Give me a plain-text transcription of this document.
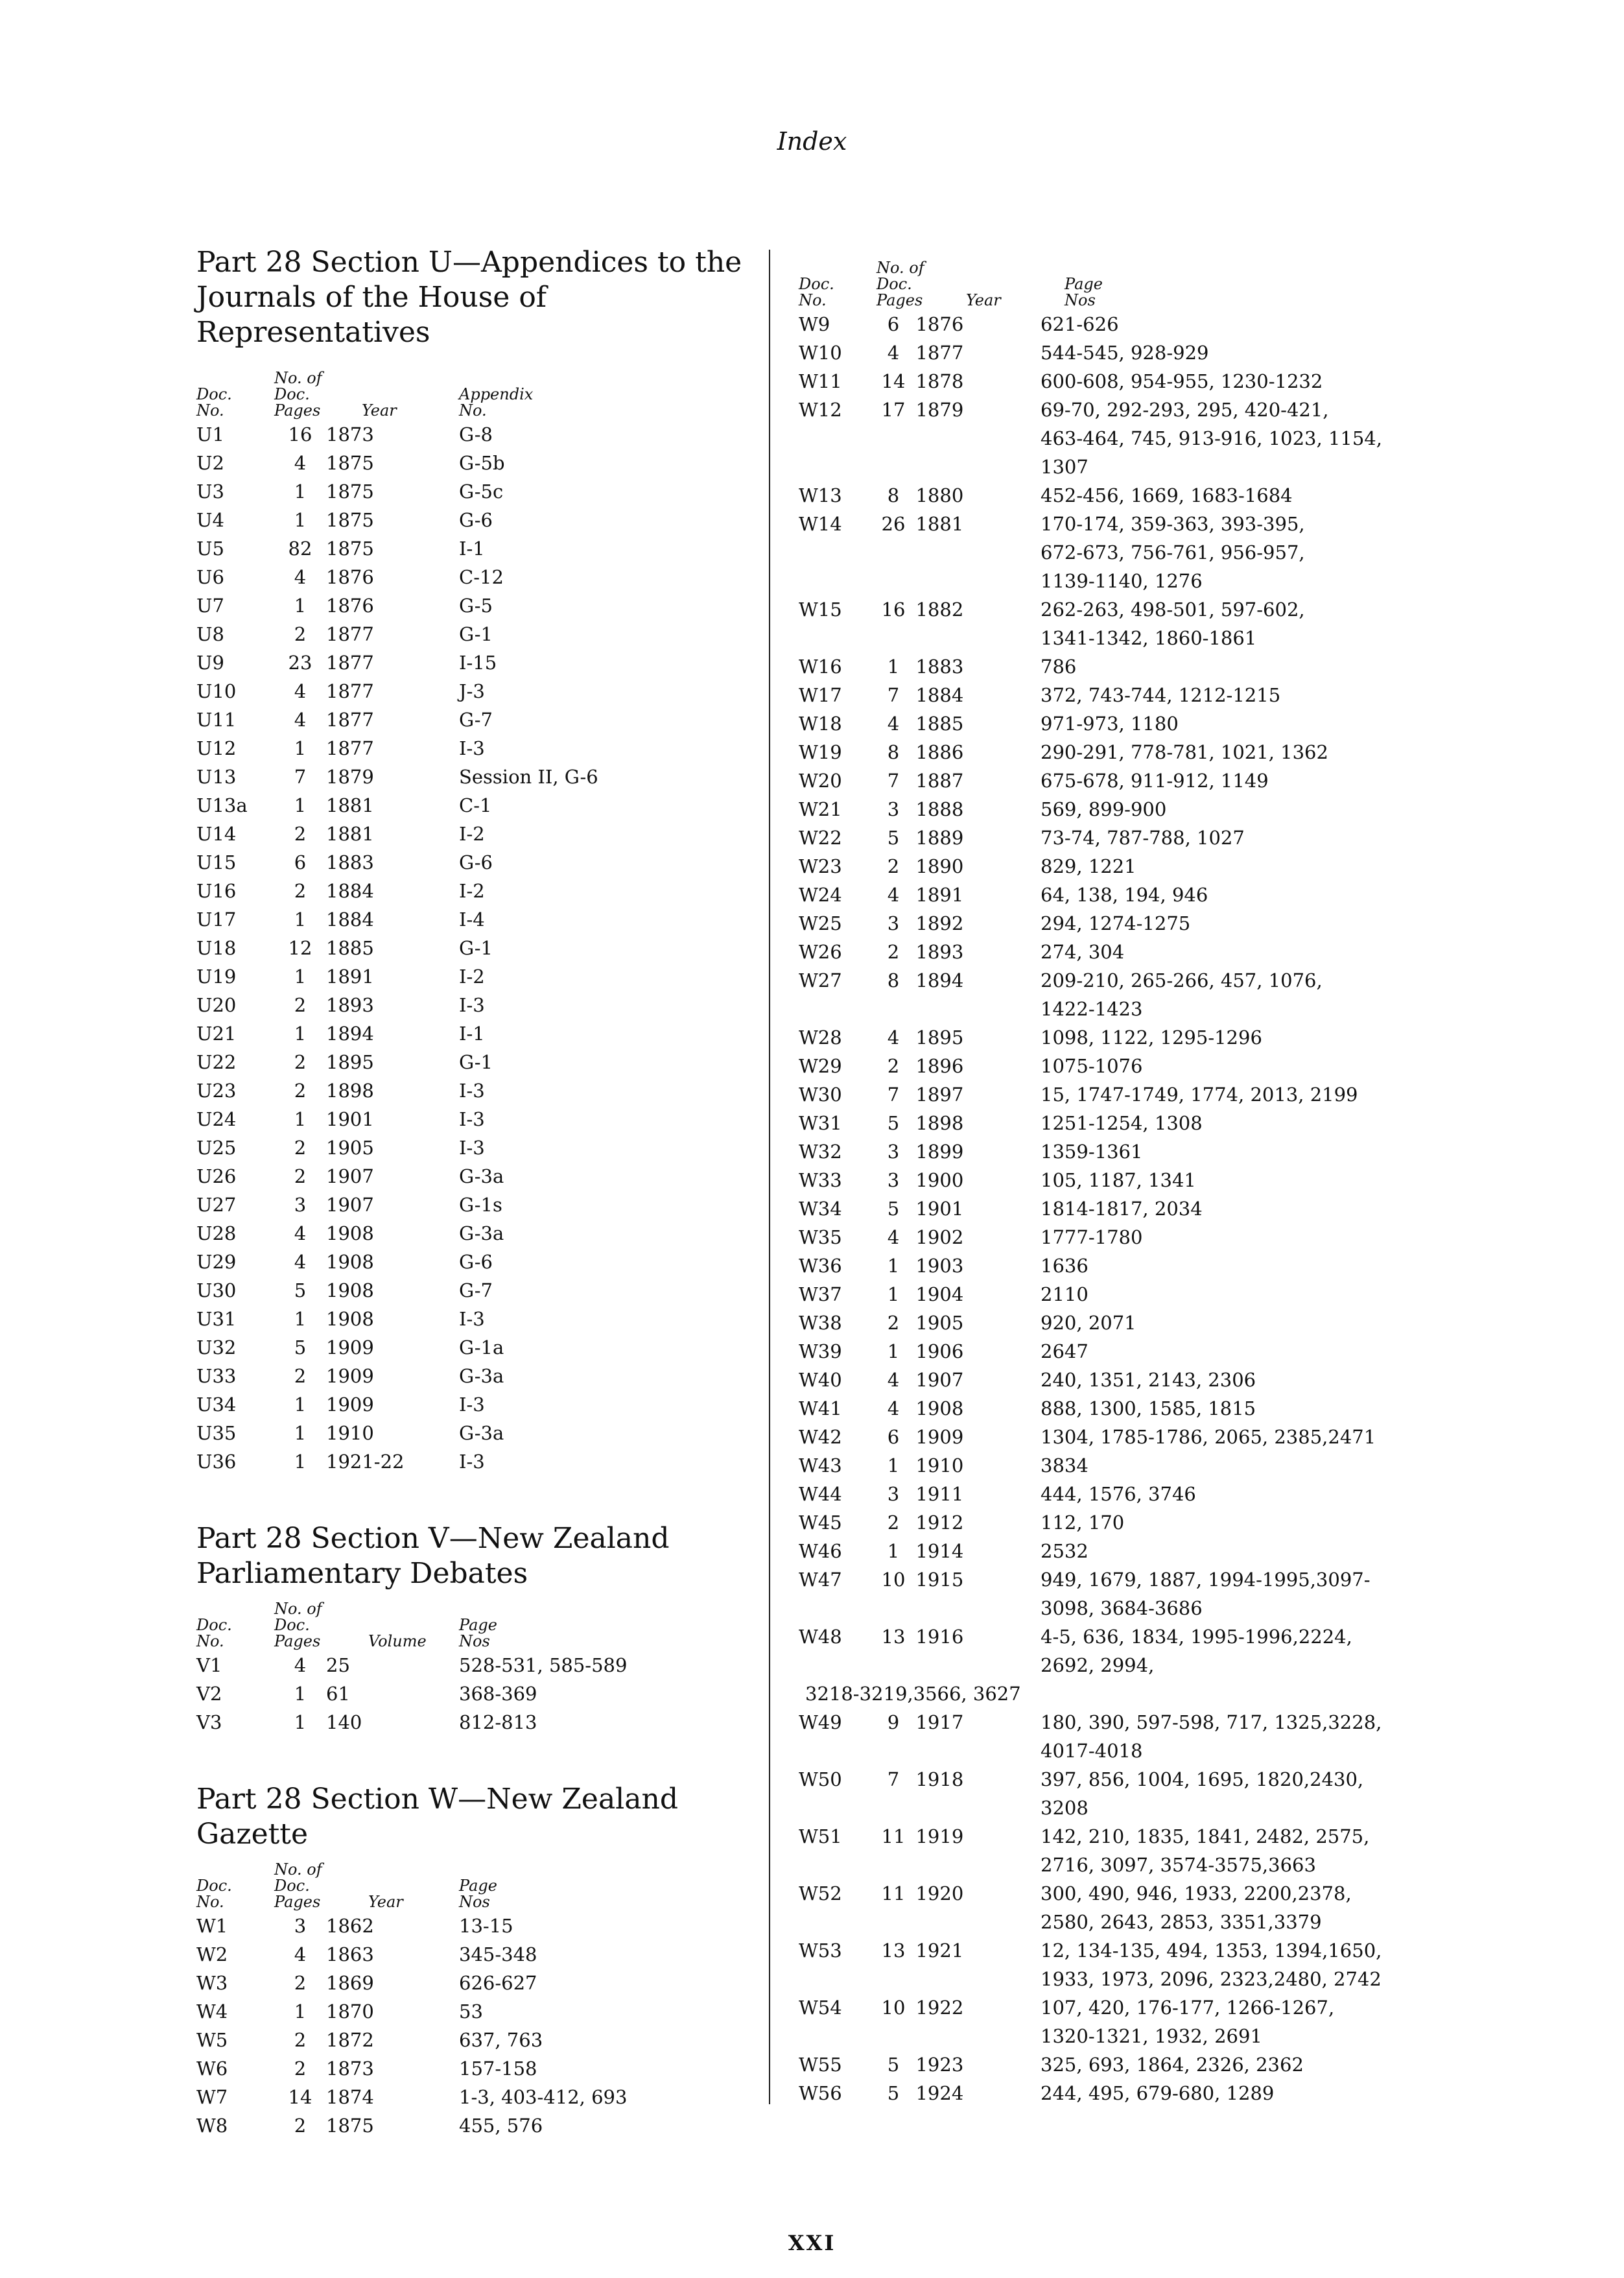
Index
Part 28 Section U—Appendices to the
Journals of the House of Representatives
Doc.
No.
No. of
Doc.
Pages	Year
Appendix
No.
U1	16	1873	G-8
U2	4	1875	G-5b
U3	1	1875	G-5c
U4	1	1875	G-6
U5	82	1875	I-1
U6	4	1876	C-12
U7	1	1876	G-5
U8	2	1877	G-1
U9	23	1877	I-15
U10	4	1877	J-3
U11	4	1877	G-7
U12	1	1877	I-3
U13	7	1879	Session II, G-6
U13a	1	1881	C-1
U14	2	1881	I-2
U15	6	1883	G-6
U16	2	1884	I-2
U17	1	1884	I-4
U18	12	1885	G-1
U19	1	1891	I-2
U20	2	1893	I-3
U21	1	1894	I-1
U22	2	1895	G-1
U23	2	1898	I-3
U24	1	1901	I-3
U25	2	1905	I-3
U26	2	1907	G-3a
U27	3	1907	G-1s
U28	4	1908	G-3a
U29	4	1908	G-6
U30	5	1908	G-7
U31	1	1908	I-3
U32	5	1909	G-1a
U33	2	1909	G-3a
U34	1	1909	I-3
U35	1	1910	G-3a
U36	1	1921-22	I-3
Part 28 Section V—New Zealand
Parliamentary Debates
Doc.
No.
No. of
Doc.
Pages	Volume
Page
Nos
V1	4	25	528-531, 585-589
V2	1	61	368-369
V3	1	140	812-813
Part 28 Section W—New Zealand Gazette
Doc.
No.
No. of
Doc.
Pages	Year
Page
Nos
W1	3	1862	13-15
W2	4	1863	345-348
W3	2	1869	626-627
W4	1	1870	53
W5	2	1872	637, 763
W6	2	1873	157-158
W7	14	1874	1-3, 403-412, 693
W8	2	1875	455, 576
Doc.
No.
No. of
Doc.
Pages	Year
Page
Nos
W9	6	1876	621-626
W10	4	1877	544-545, 928-929
W11	14	1878	600-608, 954-955, 1230-1232
W12	17	1879	69-70, 292-293, 295, 420-421,
			463-464, 745, 913-916, 1023, 1154,
			1307
W13	8	1880	452-456, 1669, 1683-1684
W14	26	1881	170-174, 359-363, 393-395,
			672-673, 756-761, 956-957,
			1139-1140, 1276
W15	16	1882	262-263, 498-501, 597-602,
			1341-1342, 1860-1861
W16	1	1883	786
W17	7	1884	372, 743-744, 1212-1215
W18	4	1885	971-973, 1180
W19	8	1886	290-291, 778-781, 1021, 1362
W20	7	1887	675-678, 911-912, 1149
W21	3	1888	569, 899-900
W22	5	1889	73-74, 787-788, 1027
W23	2	1890	829, 1221
W24	4	1891	64, 138, 194, 946
W25	3	1892	294, 1274-1275
W26	2	1893	274, 304
W27	8	1894	209-210, 265-266, 457, 1076,
			1422-1423
W28	4	1895	1098, 1122, 1295-1296
W29	2	1896	1075-1076
W30	7	1897	15, 1747-1749, 1774, 2013, 2199
W31	5	1898	1251-1254, 1308
W32	3	1899	1359-1361
W33	3	1900	105, 1187, 1341
W34	5	1901	1814-1817, 2034
W35	4	1902	1777-1780
W36	1	1903	1636
W37	1	1904	2110
W38	2	1905	920, 2071
W39	1	1906	2647
W40	4	1907	240, 1351, 2143, 2306
W41	4	1908	888, 1300, 1585, 1815
W42	6	1909	1304, 1785-1786, 2065, 2385,2471
W43	1	1910	3834
W44	3	1911	444, 1576, 3746
W45	2	1912	112, 170
W46	1	1914	2532
W47	10	1915	949, 1679, 1887, 1994-1995,3097-
			3098, 3684-3686
W48	13	1916	4-5, 636, 1834, 1995-1996,2224,
			2692, 2994,
3218-3219,3566, 3627			
W49	9	1917	180, 390, 597-598, 717, 1325,3228,
			4017-4018
W50	7	1918	397, 856, 1004, 1695, 1820,2430,
			3208
W51	11	1919	142, 210, 1835, 1841, 2482, 2575,
			2716, 3097, 3574-3575,3663
W52	11	1920	300, 490, 946, 1933, 2200,2378,
			2580, 2643, 2853, 3351,3379
W53	13	1921	12, 134-135, 494, 1353, 1394,1650,
			1933, 1973, 2096, 2323,2480, 2742
W54	10	1922	107, 420, 176-177, 1266-1267,
			1320-1321, 1932, 2691
W55	5	1923	325, 693, 1864, 2326, 2362
W56	5	1924	244, 495, 679-680, 1289
XXI
